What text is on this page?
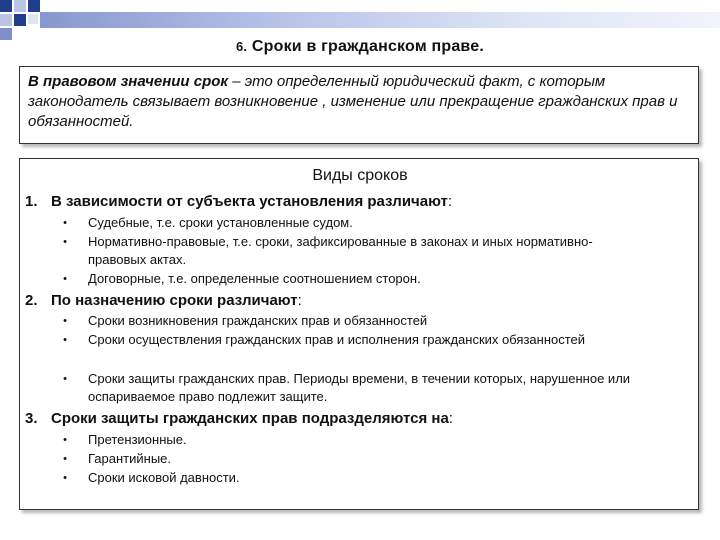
6. Сроки в гражданском праве.
В правовом значении срок – это определенный юридический факт, с которым законодатель связывает возникновение , изменение или прекращение гражданских прав и обязанностей.
Виды сроков
1. В зависимости от субъекта установления различают:
• Судебные, т.е. сроки установленные судом.
• Нормативно-правовые, т.е. сроки, зафиксированные в законах и иных нормативно-правовых актах.
• Договорные, т.е. определенные соотношением сторон.
2. По назначению сроки различают:
• Сроки возникновения гражданских прав и обязанностей
• Сроки осуществления гражданских прав и исполнения гражданских обязанностей
• Сроки защиты гражданских прав. Периоды времени, в течении которых, нарушенное или оспариваемое право подлежит защите.
3. Сроки защиты гражданских прав подразделяются на:
• Претензионные.
• Гарантийные.
• Сроки исковой давности.
